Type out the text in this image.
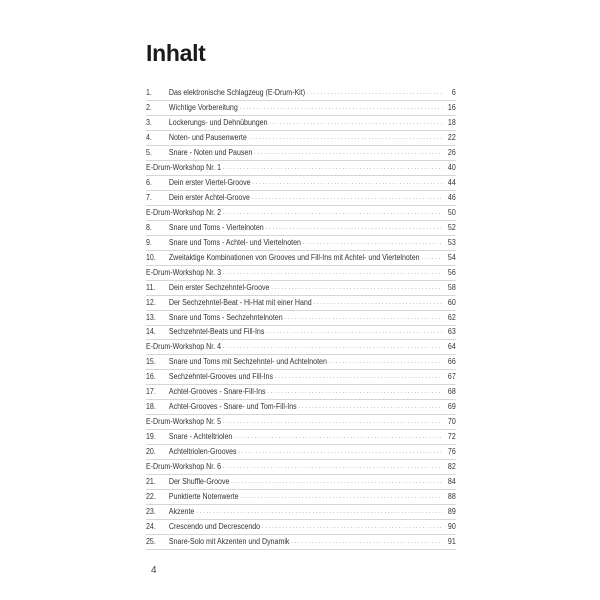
Inhalt
1.	Das elektronische Schlagzeug (E-Drum-Kit) . . .	6
2.	Wichtige Vorbereitung . . .	16
3.	Lockerungs- und Dehnübungen . . .	18
4.	Noten- und Pausenwerte . . .	22
5.	Snare - Noten und Pausen . . .	26
E-Drum-Workshop Nr. 1 . . .	40
6.	Dein erster Viertel-Groove . . .	44
7.	Dein erster Achtel-Groove . . .	46
E-Drum-Workshop Nr. 2 . . .	50
8.	Snare und Toms - Viertelnoten . . .	52
9.	Snare und Toms - Achtel- und Viertelnoten . . .	53
10.	Zweitaktige Kombinationen von Grooves und Fill-Ins mit Achtel- und Viertelnoten . . .	54
E-Drum-Workshop Nr. 3 . . .	56
11.	Dein erster Sechzehntel-Groove . . .	58
12.	Der Sechzehntel-Beat - Hi-Hat mit einer Hand . . .	60
13.	Snare und Toms - Sechzehntelnoten . . .	62
14.	Sechzehntel-Beats und Fill-Ins . . .	63
E-Drum-Workshop Nr. 4 . . .	64
15.	Snare und Toms mit Sechzehntel- und Achtelnoten . . .	66
16.	Sechzehntel-Grooves und Fill-Ins . . .	67
17.	Achtel-Grooves - Snare-Fill-Ins . . .	68
18.	Achtel-Grooves - Snare- und Tom-Fill-Ins . . .	69
E-Drum-Workshop Nr. 5 . . .	70
19.	Snare - Achteltriolen . . .	72
20.	Achteltriolen-Grooves . . .	76
E-Drum-Workshop Nr. 6 . . .	82
21.	Der Shuffle-Groove . . .	84
22.	Punktierte Notenwerte . . .	88
23.	Akzente . . .	89
24.	Crescendo und Decrescendo . . .	90
25.	Snare-Solo mit Akzenten und Dynamik . . .	91
4
